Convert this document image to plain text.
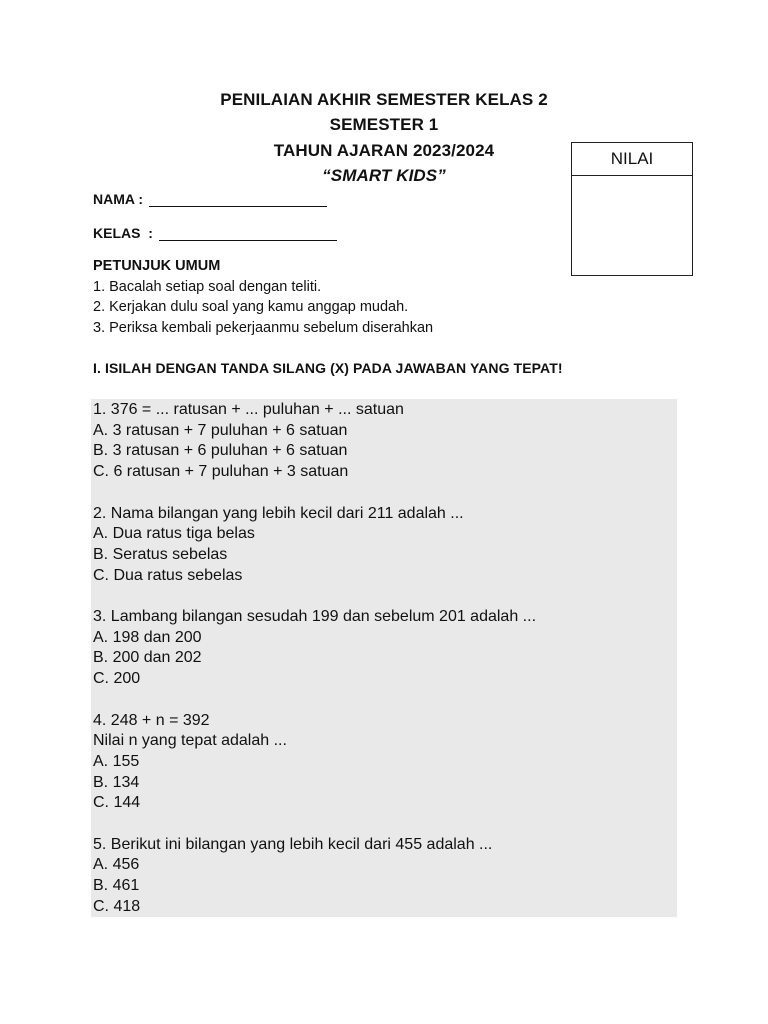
PENILAIAN AKHIR SEMESTER KELAS 2
SEMESTER 1
TAHUN AJARAN 2023/2024
“SMART KIDS”
NILAI
NAMA :
KELAS  :
PETUNJUK UMUM
1. Bacalah setiap soal dengan teliti.
2. Kerjakan dulu soal yang kamu anggap mudah.
3. Periksa kembali pekerjaanmu sebelum diserahkan
I. ISILAH DENGAN TANDA SILANG (X) PADA JAWABAN YANG TEPAT!
1. 376 = ... ratusan + ... puluhan + ... satuan
A. 3 ratusan + 7 puluhan + 6 satuan
B. 3 ratusan + 6 puluhan + 6 satuan
C. 6 ratusan + 7 puluhan + 3 satuan
2. Nama bilangan yang lebih kecil dari 211 adalah ...
A. Dua ratus tiga belas
B. Seratus sebelas
C. Dua ratus sebelas
3. Lambang bilangan sesudah 199 dan sebelum 201 adalah ...
A. 198 dan 200
B. 200 dan 202
C. 200
4. 248 + n = 392
Nilai n yang tepat adalah ...
A. 155
B. 134
C. 144
5. Berikut ini bilangan yang lebih kecil dari 455 adalah ...
A. 456
B. 461
C. 418
